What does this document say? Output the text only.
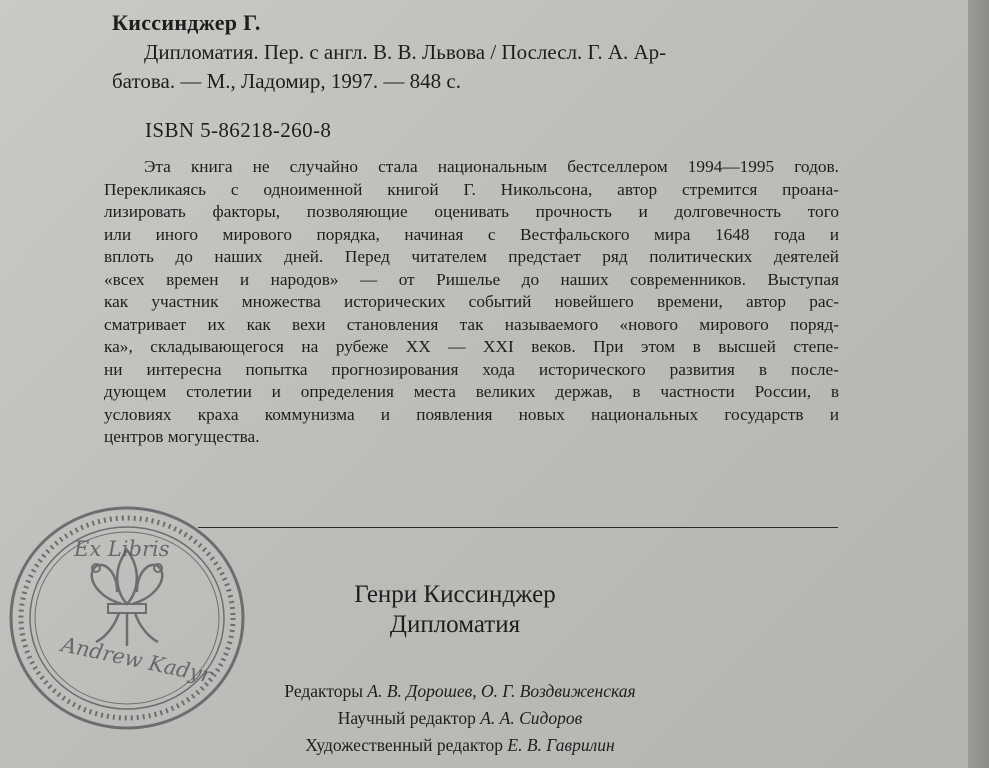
Киссинджер Г.
Дипломатия. Пер. с англ. В. В. Львова / Послесл. Г. А. Ар-
батова. — М., Ладомир, 1997. — 848 с.
ISBN 5-86218-260-8
Эта книга не случайно стала национальным бестселлером 1994—1995 годов.
Перекликаясь с одноименной книгой Г. Никольсона, автор стремится проана-
лизировать факторы, позволяющие оценивать прочность и долговечность того
или иного мирового порядка, начиная с Вестфальского мира 1648 года и
вплоть до наших дней. Перед читателем предстает ряд политических деятелей
«всех времен и народов» — от Ришелье до наших современников. Выступая
как участник множества исторических событий новейшего времени, автор рас-
сматривает их как вехи становления так называемого «нового мирового поряд-
ка», складывающегося на рубеже XX — XXI веков. При этом в высшей степе-
ни интересна попытка прогнозирования хода исторического развития в после-
дующем столетии и определения места великих держав, в частности России, в
условиях краха коммунизма и появления новых национальных государств и
центров могущества.
Ex Libris
Andrew Kadyr
Генри Киссинджер
Дипломатия
Редакторы А. В. Дорошев, О. Г. Воздвиженская
Научный редактор А. А. Сидоров
Художественный редактор Е. В. Гаврилин
